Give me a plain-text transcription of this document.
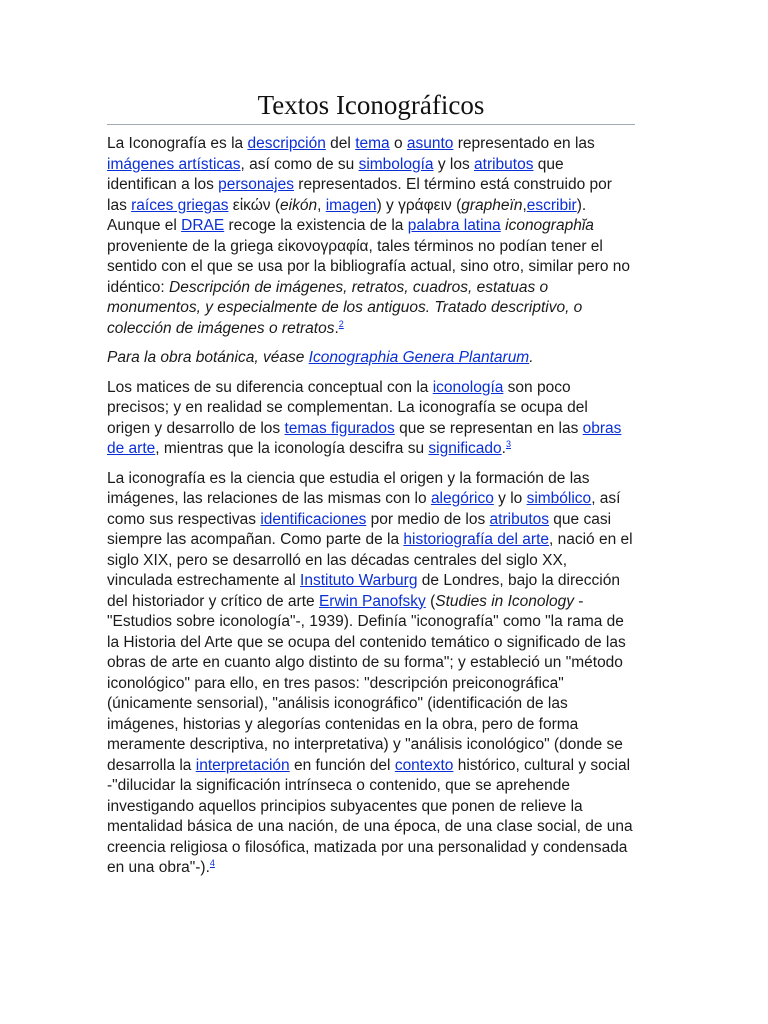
Textos Iconográficos

La Iconografía es la descripción del tema o asunto representado en las imágenes artísticas, así como de su simbología y los atributos que identifican a los personajes representados. El término está construido por las raíces griegas εἰκών (eikón, imagen) y γράφειν (grapheïn,escribir). Aunque el DRAE recoge la existencia de la palabra latina iconographĭa proveniente de la griega εἰκονογραφία, tales términos no podían tener el sentido con el que se usa por la bibliografía actual, sino otro, similar pero no idéntico: Descripción de imágenes, retratos, cuadros, estatuas o monumentos, y especialmente de los antiguos. Tratado descriptivo, o colección de imágenes o retratos.$^2$

Para la obra botánica, véase Iconographia Genera Plantarum.

Los matices de su diferencia conceptual con la iconología son poco precisos; y en realidad se complementan. La iconografía se ocupa del origen y desarrollo de los temas figurados que se representan en las obras de arte, mientras que la iconología descifra su significado.$^3$

La iconografía es la ciencia que estudia el origen y la formación de las imágenes, las relaciones de las mismas con lo alegórico y lo simbólico, así como sus respectivas identificaciones por medio de los atributos que casi siempre las acompañan. Como parte de la historiografía del arte, nació en el siglo XIX, pero se desarrolló en las décadas centrales del siglo XX, vinculada estrechamente al Instituto Warburg de Londres, bajo la dirección del historiador y crítico de arte Erwin Panofsky (Studies in Iconology -"Estudios sobre iconología"-, 1939). Definía "iconografía" como "la rama de la Historia del Arte que se ocupa del contenido temático o significado de las obras de arte en cuanto algo distinto de su forma"; y estableció un "método iconológico" para ello, en tres pasos: "descripción preiconográfica" (únicamente sensorial), "análisis iconográfico" (identificación de las imágenes, historias y alegorías contenidas en la obra, pero de forma meramente descriptiva, no interpretativa) y "análisis iconológico" (donde se desarrolla la interpretación en función del contexto histórico, cultural y social -"dilucidar la significación intrínseca o contenido, que se aprehende investigando aquellos principios subyacentes que ponen de relieve la mentalidad básica de una nación, de una época, de una clase social, de una creencia religiosa o filosófica, matizada por una personalidad y condensada en una obra"-).$^4$
